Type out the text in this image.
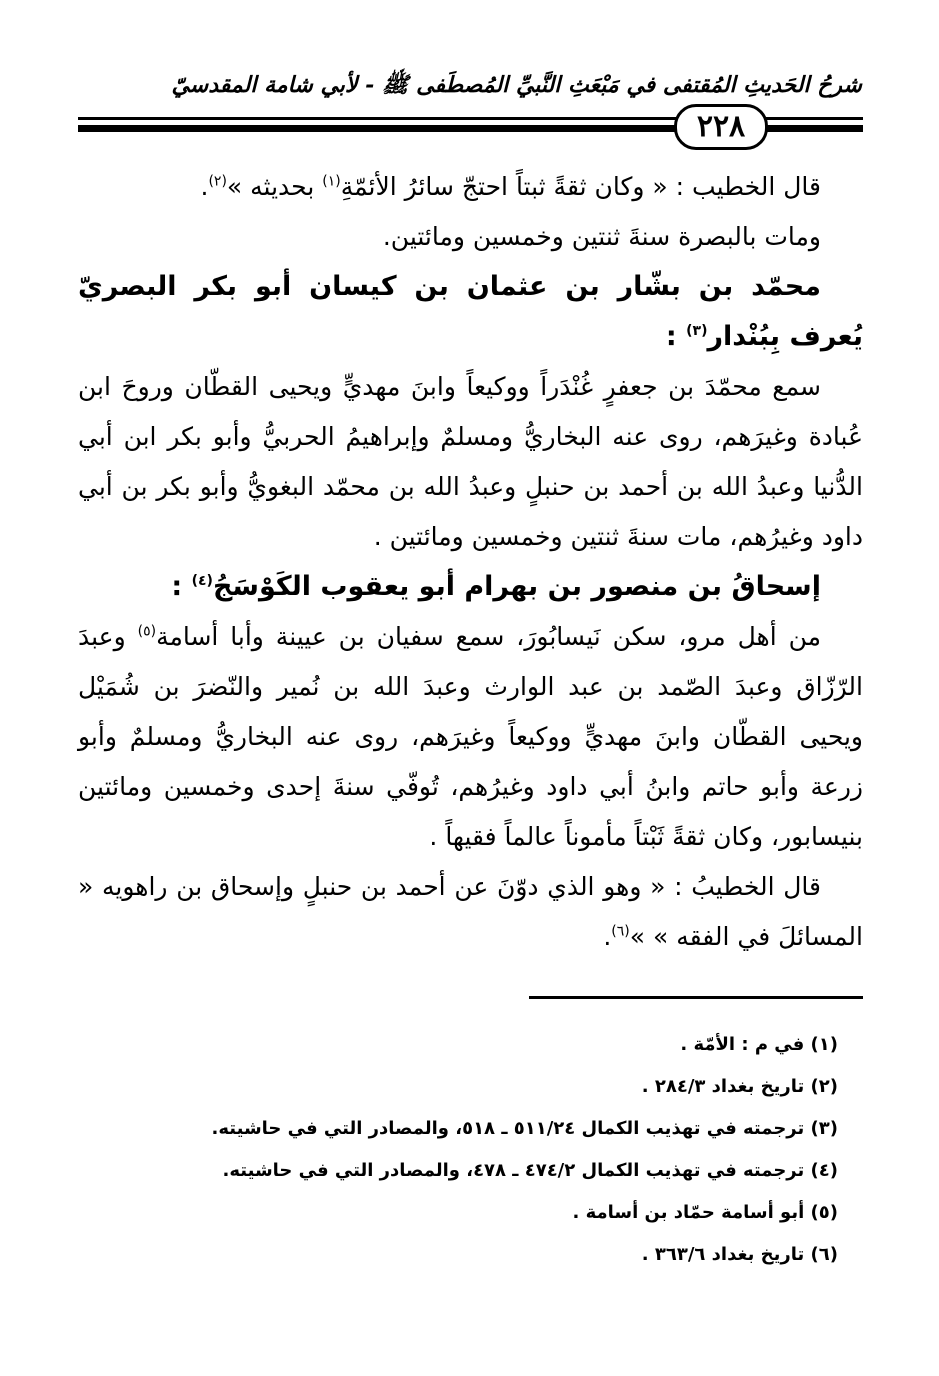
شرحُ الحَديثِ المُقتفى في مَبْعَثِ النَّبيِّ المُصطَفى ﷺ - لأبي شامة المقدسيّ
٢٢٨

قال الخطيب : « وكان ثقةً ثبتاً احتجّ سائرُ الأئمّةِ$^{(١)}$ بحديثه »$^{(٢)}$.

ومات بالبصرة سنةَ ثنتين وخمسين ومائتين.

محمّد بن بشّار بن عثمان بن كيسان أبو بكر البصريّ يُعرف بِبُنْدار$^{(٣)}$ :

سمع محمّدَ بن جعفرٍ غُنْدَراً ووكيعاً وابنَ مهديٍّ ويحيى القطّان وروحَ ابن عُبادة وغيرَهم، روى عنه البخاريُّ ومسلمٌ وإبراهيمُ الحربيُّ وأبو بكر ابن أبي الدُّنيا وعبدُ الله بن أحمد بن حنبلٍ وعبدُ الله بن محمّد البغويُّ وأبو بكر بن أبي داود وغيرُهم، مات سنةَ ثنتين وخمسين ومائتين .

إسحاقُ بن منصور بن بهرام أبو يعقوب الكَوْسَجُ$^{(٤)}$ :

من أهل مرو، سكن نَيسابُورَ، سمع سفيان بن عيينة وأبا أسامة$^{(٥)}$ وعبدَ الرّزّاق وعبدَ الصّمد بن عبد الوارث وعبدَ الله بن نُمير والنّضرَ بن شُمَيْل ويحيى القطّان وابنَ مهديٍّ ووكيعاً وغيرَهم، روى عنه البخاريُّ ومسلمٌ وأبو زرعة وأبو حاتم وابنُ أبي داود وغيرُهم، تُوفّي سنةَ إحدى وخمسين ومائتين بنيسابور، وكان ثقةً ثَبْتاً مأموناً عالماً فقيهاً .

قال الخطيبُ : « وهو الذي دوّنَ عن أحمد بن حنبلٍ وإسحاق بن راهويه « المسائلَ في الفقه » »$^{(٦)}$.

(١) في م : الأمّة .
(٢) تاريخ بغداد ٢٨٤/٣ .
(٣) ترجمته في تهذيب الكمال ٥١١/٢٤ ـ ٥١٨، والمصادر التي في حاشيته.
(٤) ترجمته في تهذيب الكمال ٤٧٤/٢ ـ ٤٧٨، والمصادر التي في حاشيته.
(٥) أبو أسامة حمّاد بن أسامة .
(٦) تاريخ بغداد ٣٦٣/٦ .
